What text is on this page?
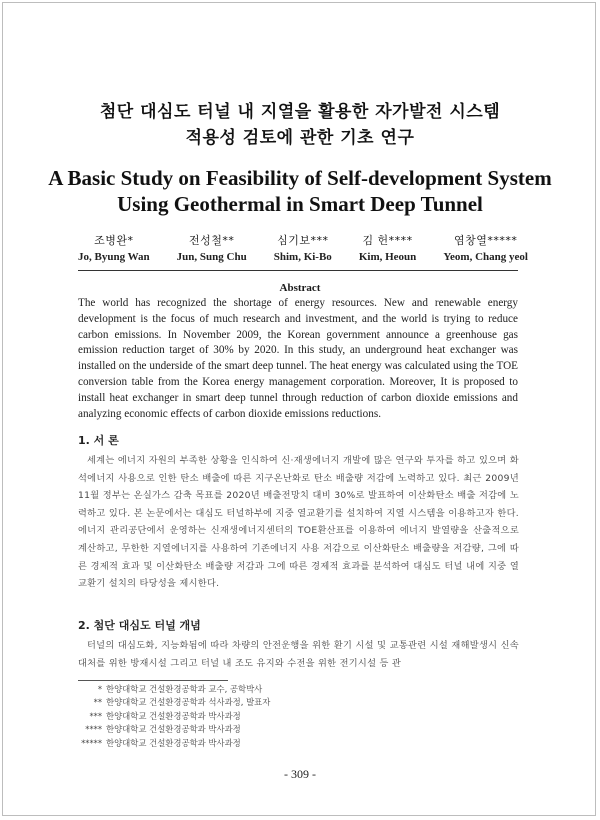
첨단 대심도 터널 내 지열을 활용한 자가발전 시스템
적용성 검토에 관한 기초 연구
A Basic Study on Feasibility of Self-development System
Using Geothermal in Smart Deep Tunnel
조병완*
Jo, Byung Wan
전성철**
Jun, Sung Chu
심기보***
Shim, Ki-Bo
김 헌****
Kim, Heoun
염창열*****
Yeom, Chang yeol
Abstract
The world has recognized the shortage of energy resources. New and renewable energy development is the focus of much research and investment, and the world is trying to reduce carbon emissions. In November 2009, the Korean government announce a greenhouse gas emission reduction target of 30% by 2020. In this study, an underground heat exchanger was installed on the underside of the smart deep tunnel. The heat energy was calculated using the TOE conversion table from the Korea energy management corporation. Moreover, It is proposed to install heat exchanger in smart deep tunnel through reduction of carbon dioxide emissions and analyzing economic effects of carbon dioxide emissions reductions.
1. 서 론
세계는 에너지 자원의 부족한 상황을 인식하여 신·재생에너지 개발에 많은 연구와 투자를 하고 있으며 화석에너지 사용으로 인한 탄소 배출에 따른 지구온난화로 탄소 배출량 저감에 노력하고 있다. 최근 2009년 11월 정부는 온실가스 감축 목표를 2020년 배출전망치 대비 30%로 발표하여 이산화탄소 배출 저감에 노력하고 있다. 본 논문에서는 대심도 터널하부에 지중 열교환기를 설치하여 지열 시스템을 이용하고자 한다. 에너지 관리공단에서 운영하는 신재생에너지센터의 TOE환산표를 이용하여 에너지 발열량을 산출적으로 계산하고, 무한한 지열에너지를 사용하여 기존에너지 사용 저감으로 이산화탄소 배출량을 저감량, 그에 따른 경제적 효과 및 이산화탄소 배출량 저감과 그에 따른 경제적 효과를 분석하여 대심도 터널 내에 지중 열교환기 설치의 타당성을 제시한다.
2. 첨단 대심도 터널 개념
터널의 대심도화, 지능화됨에 따라 차량의 안전운행을 위한 환기 시설 및 교통관련 시설 재해발생시 신속대처를 위한 방재시설 그리고 터널 내 조도 유지와 수전을 위한 전기시설 등 관
* 한양대학교 건설환경공학과 교수, 공학박사
** 한양대학교 건설환경공학과 석사과정, 발표자
*** 한양대학교 건설환경공학과 박사과정
**** 한양대학교 건설환경공학과 박사과정
***** 한양대학교 건설환경공학과 박사과정
- 309 -
